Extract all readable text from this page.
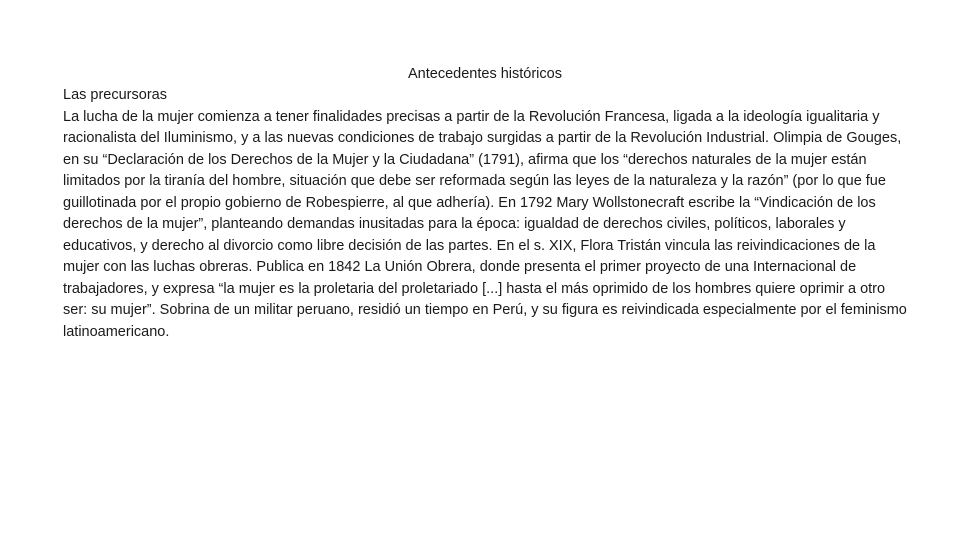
Antecedentes históricos

Las precursoras

La lucha de la mujer comienza a tener finalidades precisas a partir de la Revolución Francesa, ligada a la ideología igualitaria y racionalista del Iluminismo, y a las nuevas condiciones de trabajo surgidas a partir de la Revolución Industrial. Olimpia de Gouges, en su “Declaración de los Derechos de la Mujer y la Ciudadana” (1791), afirma que los “derechos naturales de la mujer están limitados por la tiranía del hombre, situación que debe ser reformada según las leyes de la naturaleza y la razón” (por lo que fue guillotinada por el propio gobierno de Robespierre, al que adhería). En 1792 Mary Wollstonecraft escribe la “Vindicación de los derechos de la mujer”, planteando demandas inusitadas para la época: igualdad de derechos civiles, políticos, laborales y educativos, y derecho al divorcio como libre decisión de las partes. En el s. XIX, Flora Tristán vincula las reivindicaciones de la mujer con las luchas obreras. Publica en 1842 La Unión Obrera, donde presenta el primer proyecto de una Internacional de trabajadores, y expresa “la mujer es la proletaria del proletariado [...] hasta el más oprimido de los hombres quiere oprimir a otro ser: su mujer”. Sobrina de un militar peruano, residió un tiempo en Perú, y su figura es reivindicada especialmente por el feminismo latinoamericano.
